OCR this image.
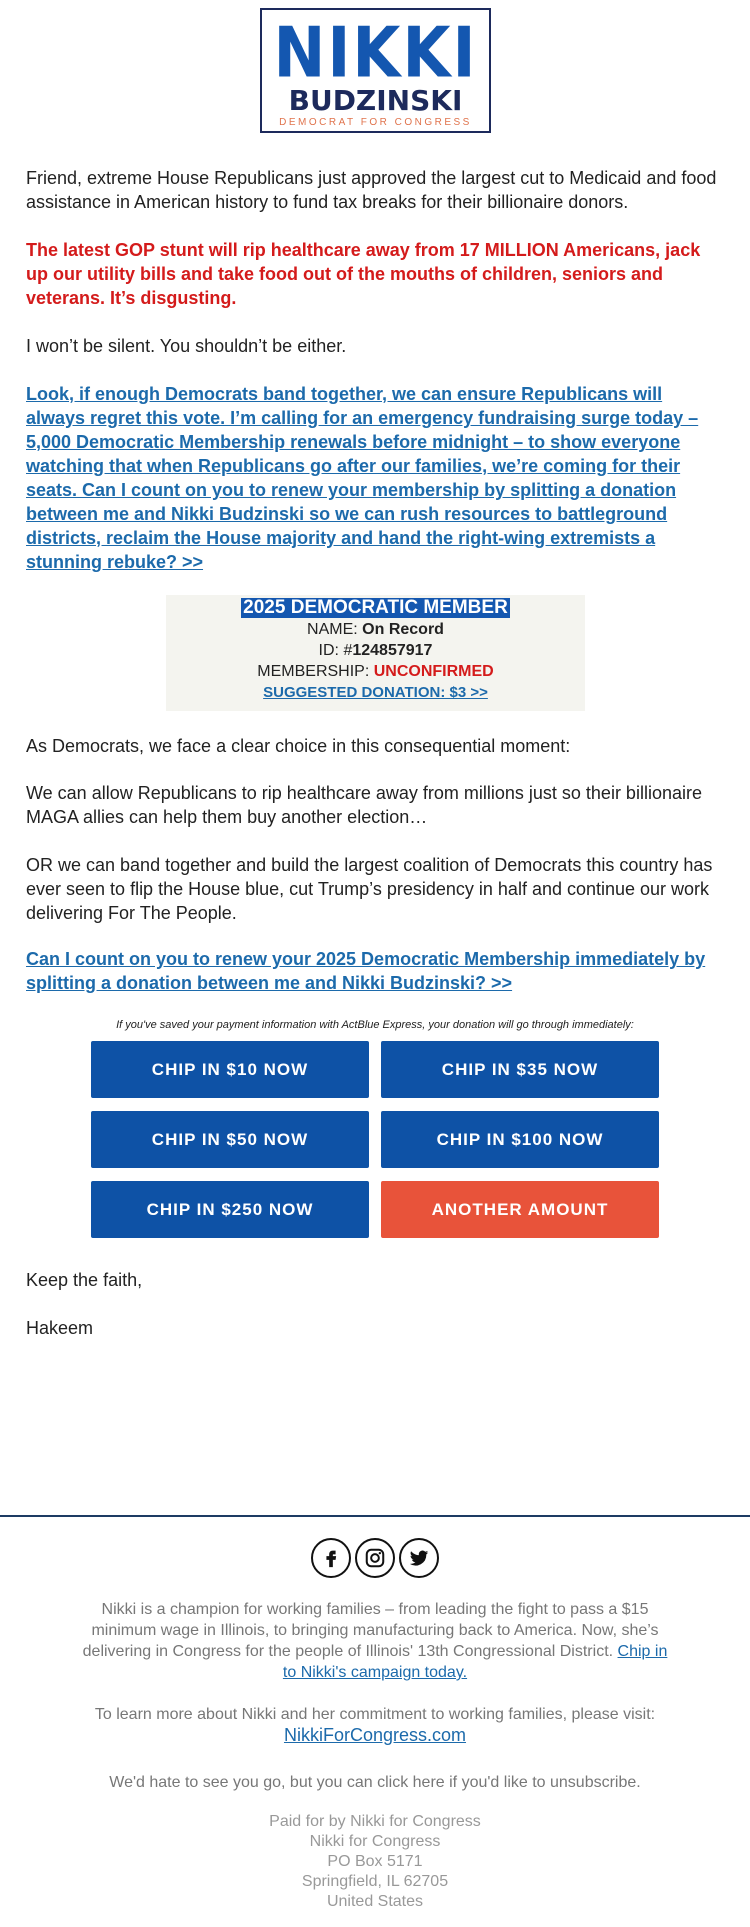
NIKKI
BUDZINSKI
DEMOCRAT FOR CONGRESS
Friend, extreme House Republicans just approved the largest cut to Medicaid and food assistance in American history to fund tax breaks for their billionaire donors.
The latest GOP stunt will rip healthcare away from 17 MILLION Americans, jack up our utility bills and take food out of the mouths of children, seniors and veterans. It’s disgusting.
I won’t be silent. You shouldn’t be either.
Look, if enough Democrats band together, we can ensure Republicans will always regret this vote. I’m calling for an emergency fundraising surge today – 5,000 Democratic Membership renewals before midnight – to show everyone watching that when Republicans go after our families, we’re coming for their seats. Can I count on you to renew your membership by splitting a donation between me and Nikki Budzinski so we can rush resources to battleground districts, reclaim the House majority and hand the right-wing extremists a stunning rebuke? >>
2025 DEMOCRATIC MEMBER
NAME: On Record
ID: #124857917
MEMBERSHIP: UNCONFIRMED
SUGGESTED DONATION: $3 >>
As Democrats, we face a clear choice in this consequential moment:
We can allow Republicans to rip healthcare away from millions just so their billionaire MAGA allies can help them buy another election…
OR we can band together and build the largest coalition of Democrats this country has ever seen to flip the House blue, cut Trump’s presidency in half and continue our work delivering For The People.
Can I count on you to renew your 2025 Democratic Membership immediately by splitting a donation between me and Nikki Budzinski? >>
If you've saved your payment information with ActBlue Express, your donation will go through immediately:
CHIP IN $10 NOW	CHIP IN $35 NOW
CHIP IN $50 NOW	CHIP IN $100 NOW
CHIP IN $250 NOW	ANOTHER AMOUNT
Keep the faith,
Hakeem
Nikki is a champion for working families – from leading the fight to pass a $15 minimum wage in Illinois, to bringing manufacturing back to America. Now, she’s delivering in Congress for the people of Illinois' 13th Congressional District. Chip in to Nikki's campaign today.
To learn more about Nikki and her commitment to working families, please visit:
NikkiForCongress.com
We'd hate to see you go, but you can click here if you'd like to unsubscribe.
Paid for by Nikki for Congress
Nikki for Congress
PO Box 5171
Springfield, IL 62705
United States
